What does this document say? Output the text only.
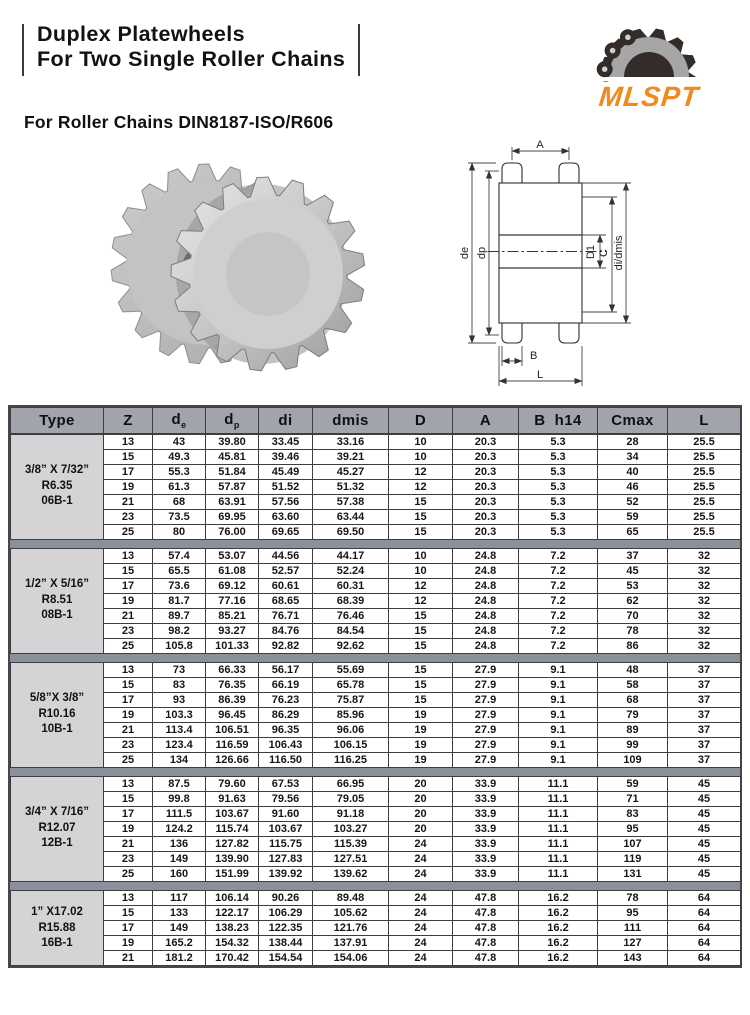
Duplex Platewheels
For Two Single Roller Chains
MLSPT
For Roller Chains DIN8187-ISO/R606
A
de dp	D1 C di/dmis
B
L
Type	Z	$d_e$	$d_p$	di	dmis	D	A	B  h14	Cmax	L
3/8” X 7/32”
R6.35
06B-1	13	43	39.80	33.45	33.16	10	20.3	5.3	28	25.5
	15	49.3	45.81	39.46	39.21	10	20.3	5.3	34	25.5
	17	55.3	51.84	45.49	45.27	12	20.3	5.3	40	25.5
	19	61.3	57.87	51.52	51.32	12	20.3	5.3	46	25.5
	21	68	63.91	57.56	57.38	15	20.3	5.3	52	25.5
	23	73.5	69.95	63.60	63.44	15	20.3	5.3	59	25.5
	25	80	76.00	69.65	69.50	15	20.3	5.3	65	25.5
1/2” X 5/16”
R8.51
08B-1	13	57.4	53.07	44.56	44.17	10	24.8	7.2	37	32
	15	65.5	61.08	52.57	52.24	10	24.8	7.2	45	32
	17	73.6	69.12	60.61	60.31	12	24.8	7.2	53	32
	19	81.7	77.16	68.65	68.39	12	24.8	7.2	62	32
	21	89.7	85.21	76.71	76.46	15	24.8	7.2	70	32
	23	98.2	93.27	84.76	84.54	15	24.8	7.2	78	32
	25	105.8	101.33	92.82	92.62	15	24.8	7.2	86	32
5/8”X 3/8”
R10.16
10B-1	13	73	66.33	56.17	55.69	15	27.9	9.1	48	37
	15	83	76.35	66.19	65.78	15	27.9	9.1	58	37
	17	93	86.39	76.23	75.87	15	27.9	9.1	68	37
	19	103.3	96.45	86.29	85.96	19	27.9	9.1	79	37
	21	113.4	106.51	96.35	96.06	19	27.9	9.1	89	37
	23	123.4	116.59	106.43	106.15	19	27.9	9.1	99	37
	25	134	126.66	116.50	116.25	19	27.9	9.1	109	37
3/4” X 7/16”
R12.07
12B-1	13	87.5	79.60	67.53	66.95	20	33.9	11.1	59	45
	15	99.8	91.63	79.56	79.05	20	33.9	11.1	71	45
	17	111.5	103.67	91.60	91.18	20	33.9	11.1	83	45
	19	124.2	115.74	103.67	103.27	20	33.9	11.1	95	45
	21	136	127.82	115.75	115.39	24	33.9	11.1	107	45
	23	149	139.90	127.83	127.51	24	33.9	11.1	119	45
	25	160	151.99	139.92	139.62	24	33.9	11.1	131	45
1” X17.02
R15.88
16B-1	13	117	106.14	90.26	89.48	24	47.8	16.2	78	64
	15	133	122.17	106.29	105.62	24	47.8	16.2	95	64
	17	149	138.23	122.35	121.76	24	47.8	16.2	111	64
	19	165.2	154.32	138.44	137.91	24	47.8	16.2	127	64
	21	181.2	170.42	154.54	154.06	24	47.8	16.2	143	64
